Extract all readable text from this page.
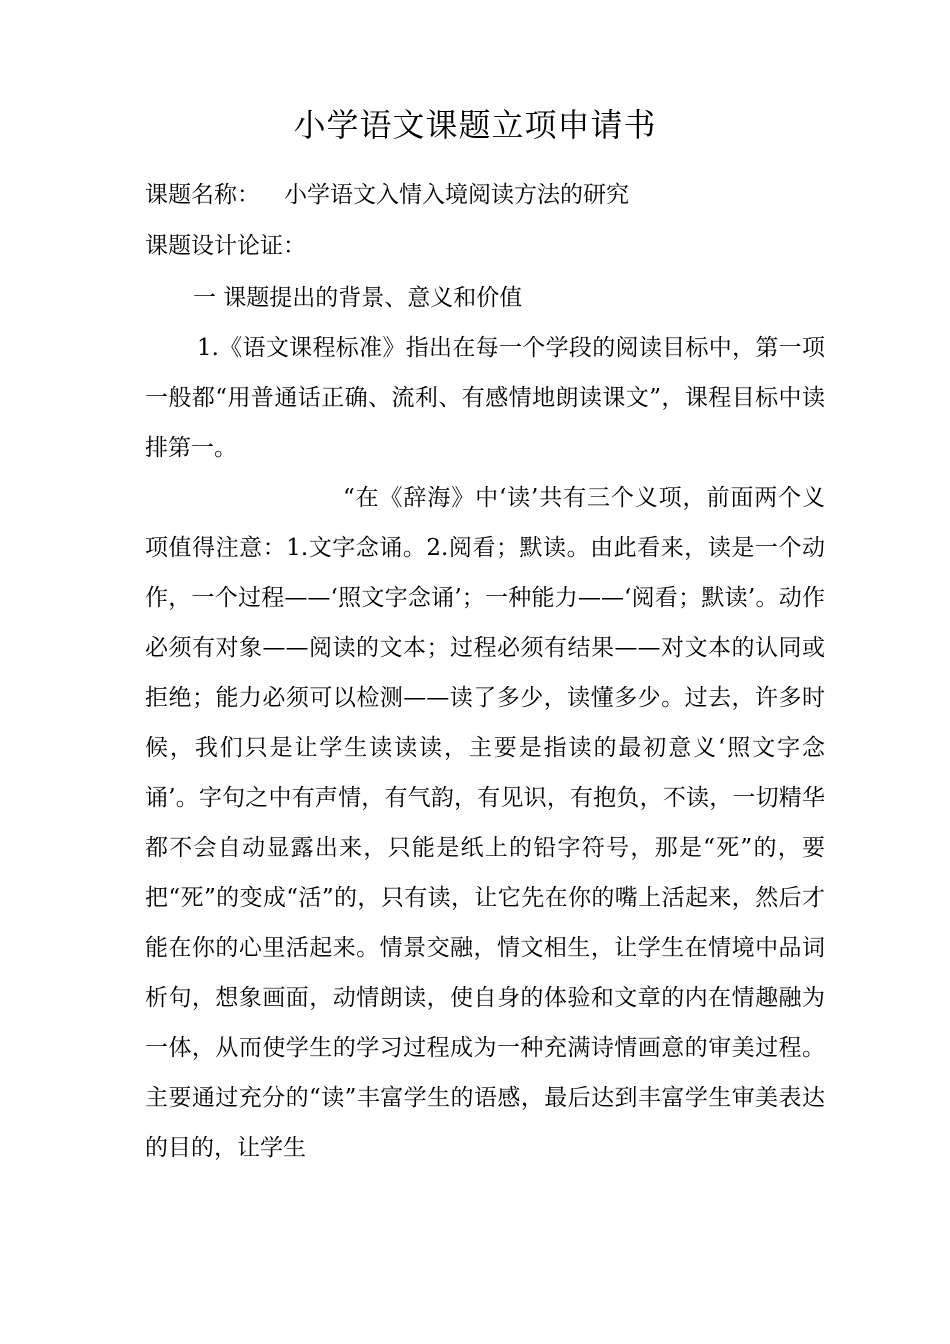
小学语文课题立项申请书
课题名称： 小学语文入情入境阅读方法的研究
课题设计论证：

一 课题提出的背景、意义和价值

1.《语文课程标准》指出在每一个学段的阅读目标中，第一项一般都“用普通话正确、流利、有感情地朗读课文”，课程目标中读排第一。

“在《辞海》中‘读’共有三个义项，前面两个义项值得注意：1.文字念诵。2.阅看；默读。由此看来，读是一个动作，一个过程——‘照文字念诵’；一种能力——‘阅看；默读’。动作必须有对象——阅读的文本；过程必须有结果——对文本的认同或拒绝；能力必须可以检测——读了多少，读懂多少。过去，许多时候，我们只是让学生读读读，主要是指读的最初意义‘照文字念诵’。字句之中有声情，有气韵，有见识，有抱负，不读，一切精华都不会自动显露出来，只能是纸上的铅字符号，那是“死”的，要把“死”的变成“活”的，只有读，让它先在你的嘴上活起来，然后才能在你的心里活起来。情景交融，情文相生，让学生在情境中品词析句，想象画面，动情朗读，使自身的体验和文章的内在情趣融为一体，从而使学生的学习过程成为一种充满诗情画意的审美过程。主要通过充分的“读”丰富学生的语感，最后达到丰富学生审美表达的目的，让学生
